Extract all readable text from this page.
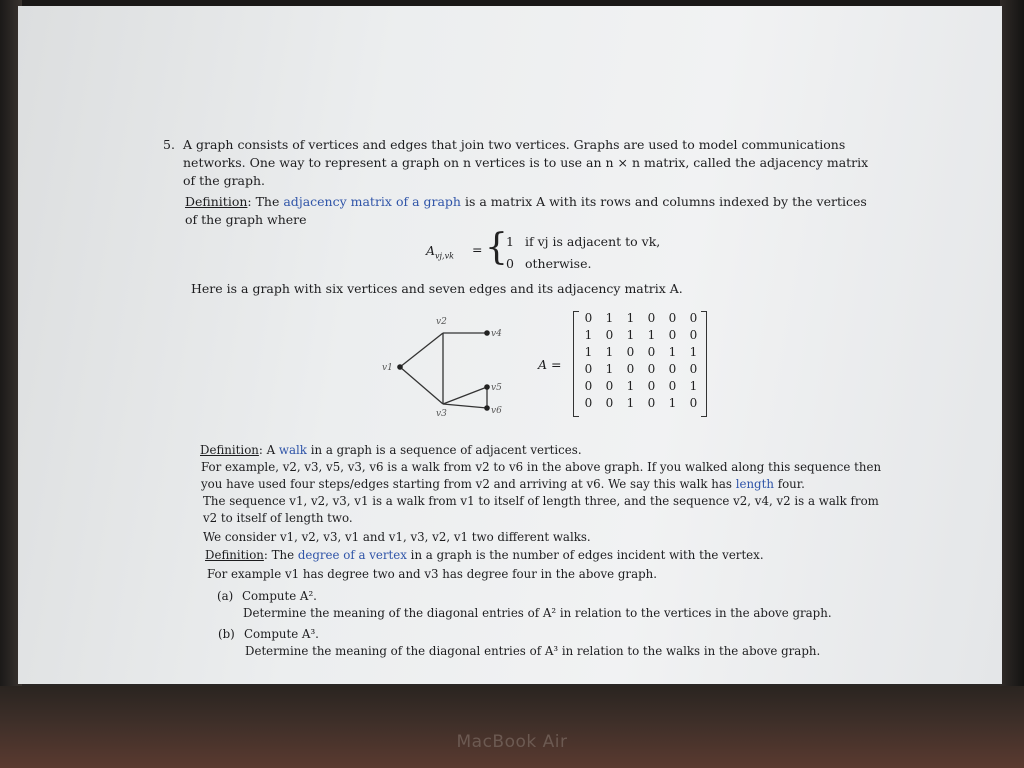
5. A graph consists of vertices and edges that join two vertices. Graphs are used to model communications
networks. One way to represent a graph on n vertices is to use an n × n matrix, called the adjacency matrix
of the graph.
Definition: The adjacency matrix of a graph is a matrix A with its rows and columns indexed by the vertices
of the graph where
$A_{vj,vk}$ = {
1 if vj is adjacent to vk,
0 otherwise.
Here is a graph with six vertices and seven edges and its adjacency matrix A.
v2
v4
v1
v5
v3	v6
A =
0 1 1 0 0 0
1 0 1 1 0 0
1 1 0 0 1 1
0 1 0 0 0 0
0 0 1 0 0 1
0 0 1 0 1 0
Definition: A walk in a graph is a sequence of adjacent vertices.
For example, v2, v3, v5, v3, v6 is a walk from v2 to v6 in the above graph. If you walked along this sequence then
you have used four steps/edges starting from v2 and arriving at v6. We say this walk has length four.
The sequence v1, v2, v3, v1 is a walk from v1 to itself of length three, and the sequence v2, v4, v2 is a walk from
v2 to itself of length two.
We consider v1, v2, v3, v1 and v1, v3, v2, v1 two different walks.
Definition: The degree of a vertex in a graph is the number of edges incident with the vertex.
For example v1 has degree two and v3 has degree four in the above graph.
(a) Compute A².
Determine the meaning of the diagonal entries of A² in relation to the vertices in the above graph.
(b) Compute A³.
Determine the meaning of the diagonal entries of A³ in relation to the walks in the above graph.
MacBook Air
